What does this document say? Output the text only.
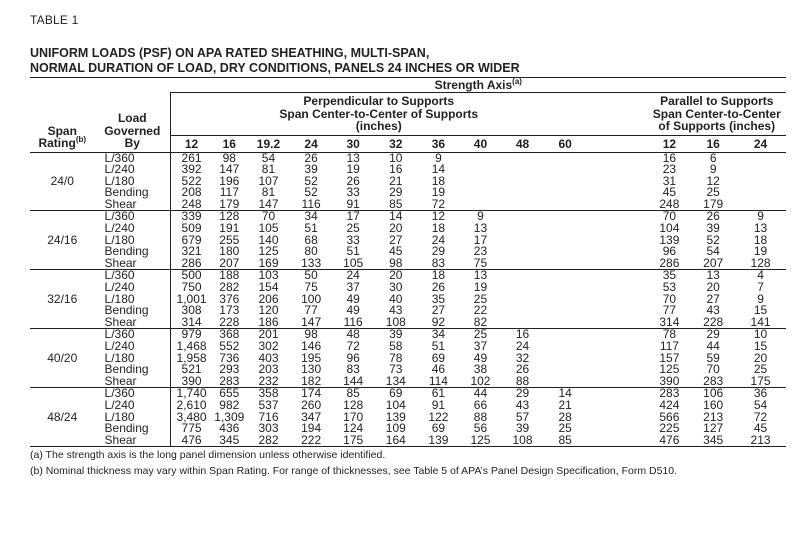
TABLE 1

UNIFORM LOADS (PSF) ON APA RATED SHEATHING, MULTI-SPAN,
NORMAL DURATION OF LOAD, DRY CONDITIONS, PANELS 24 INCHES OR WIDER

		Strength Axis$^{(a)}$
Span
Rating$^{(b)}$	Load
Governed
By	Perpendicular to Supports
Span Center-to-Center of Supports
(inches)											Parallel to Supports
Span Center-to-Center
of Supports (inches)		
		12	16	19.2	24	30	32	36	40	48	60		12	16	24
24/0	L/360	261	98	54	26	13	10	9					16	6	
	L/240	392	147	81	39	19	16	14					23	9	
	L/180	522	196	107	52	26	21	18					31	12	
	Bending	208	117	81	52	33	29	19					45	25	
	Shear	248	179	147	116	91	85	72					248	179	
24/16	L/360	339	128	70	34	17	14	12	9				70	26	9
	L/240	509	191	105	51	25	20	18	13				104	39	13
	L/180	679	255	140	68	33	27	24	17				139	52	18
	Bending	321	180	125	80	51	45	29	23				96	54	19
	Shear	286	207	169	133	105	98	83	75				286	207	128
32/16	L/360	500	188	103	50	24	20	18	13				35	13	4
	L/240	750	282	154	75	37	30	26	19				53	20	7
	L/180	1,001	376	206	100	49	40	35	25				70	27	9
	Bending	308	173	120	77	49	43	27	22				77	43	15
	Shear	314	228	186	147	116	108	92	82				314	228	141
40/20	L/360	979	368	201	98	48	39	34	25	16			78	29	10
	L/240	1,468	552	302	146	72	58	51	37	24			117	44	15
	L/180	1,958	736	403	195	96	78	69	49	32			157	59	20
	Bending	521	293	203	130	83	73	46	38	26			125	70	25
	Shear	390	283	232	182	144	134	114	102	88			390	283	175
48/24	L/360	1,740	655	358	174	85	69	61	44	29	14		283	106	36
	L/240	2,610	982	537	260	128	104	91	66	43	21		424	160	54
	L/180	3,480	1,309	716	347	170	139	122	88	57	28		566	213	72
	Bending	775	436	303	194	124	109	69	56	39	25		225	127	45
	Shear	476	345	282	222	175	164	139	125	108	85		476	345	213

(a) The strength axis is the long panel dimension unless otherwise identified.

(b) Nominal thickness may vary within Span Rating. For range of thicknesses, see Table 5 of APA’s Panel Design Specification, Form D510.
